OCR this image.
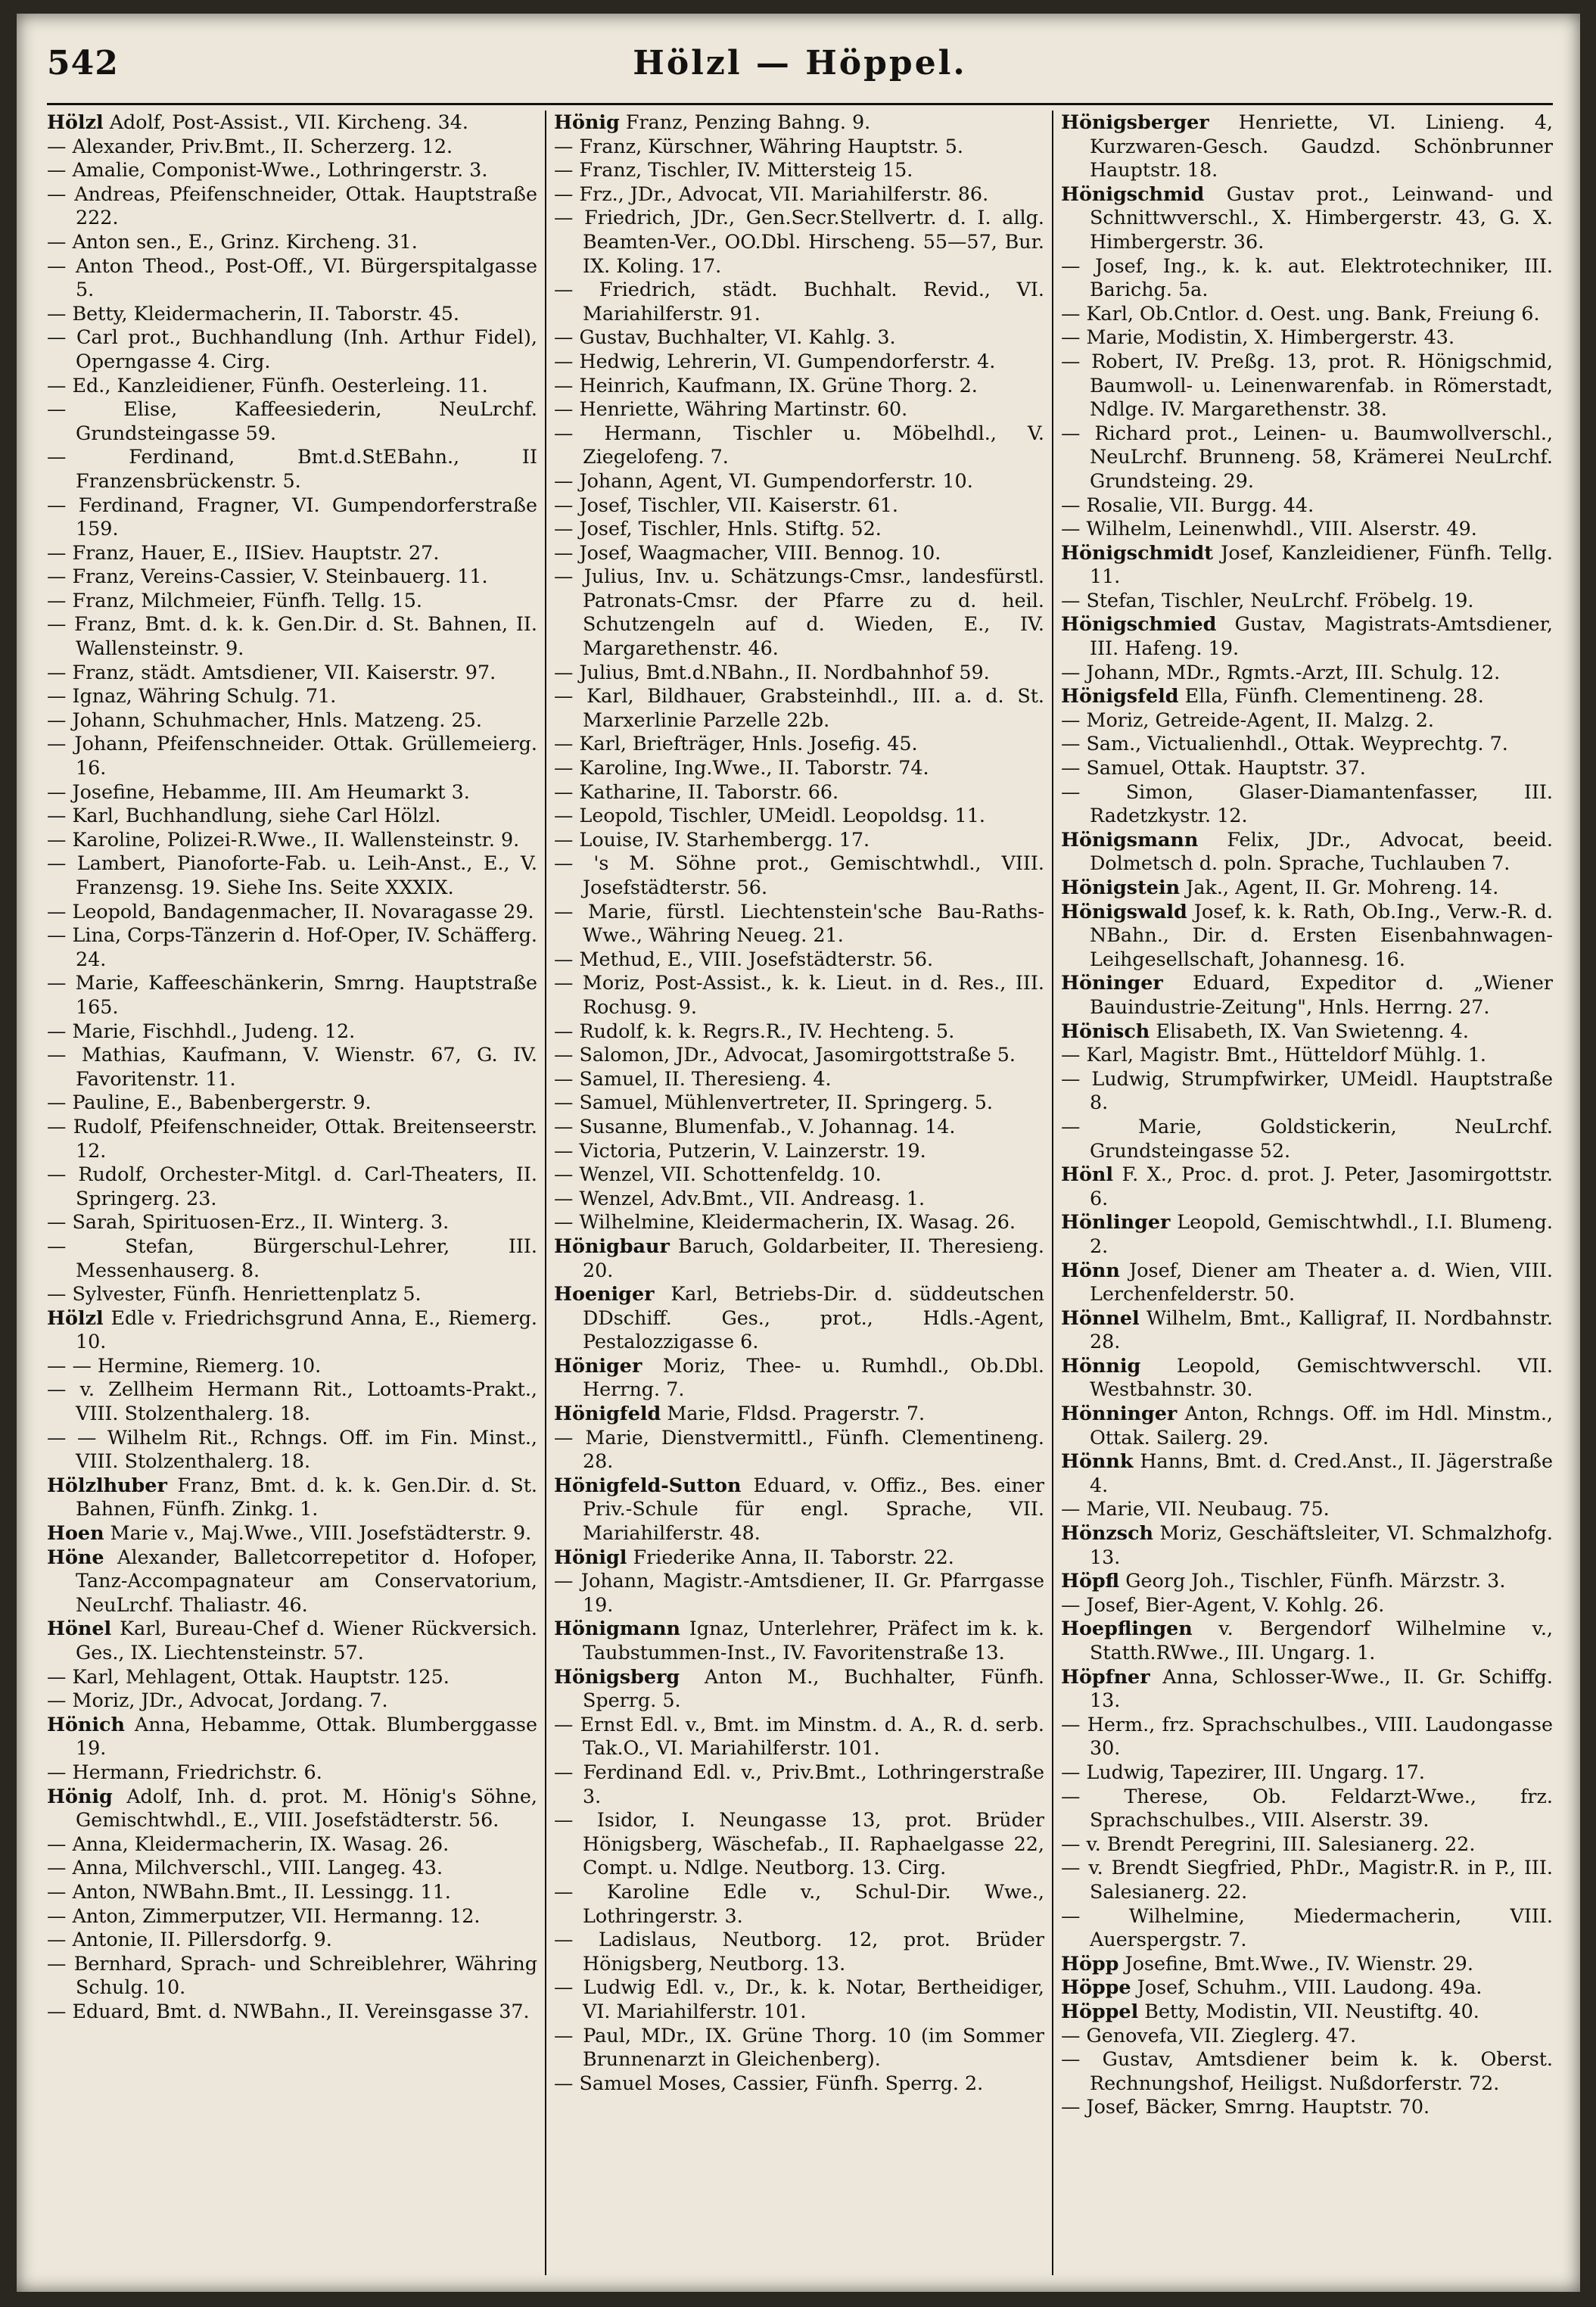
542	Hölzl — Höppel.
Hölzl Adolf, Post-Assist., VII. Kircheng. 34.
— Alexander, Priv.Bmt., II. Scherzerg. 12.
— Amalie, Componist-Wwe., Lothringerstr. 3.
— Andreas, Pfeifenschneider, Ottak. Hauptstraße 222.
— Anton sen., E., Grinz. Kircheng. 31.
— Anton Theod., Post-Off., VI. Bürgerspitalgasse 5.
— Betty, Kleidermacherin, II. Taborstr. 45.
— Carl prot., Buchhandlung (Inh. Arthur Fidel), Operngasse 4. Cirg.
— Ed., Kanzleidiener, Fünfh. Oesterleing. 11.
— Elise, Kaffeesiederin, NeuLrchf. Grundsteingasse 59.
— Ferdinand, Bmt.d.StEBahn., II Franzensbrückenstr. 5.
— Ferdinand, Fragner, VI. Gumpendorferstraße 159.
— Franz, Hauer, E., IISiev. Hauptstr. 27.
— Franz, Vereins-Cassier, V. Steinbauerg. 11.
— Franz, Milchmeier, Fünfh. Tellg. 15.
— Franz, Bmt. d. k. k. Gen.Dir. d. St. Bahnen, II. Wallensteinstr. 9.
— Franz, städt. Amtsdiener, VII. Kaiserstr. 97.
— Ignaz, Währing Schulg. 71.
— Johann, Schuhmacher, Hnls. Matzeng. 25.
— Johann, Pfeifenschneider. Ottak. Grüllemeierg. 16.
— Josefine, Hebamme, III. Am Heumarkt 3.
— Karl, Buchhandlung, siehe Carl Hölzl.
— Karoline, Polizei-R.Wwe., II. Wallensteinstr. 9.
— Lambert, Pianoforte-Fab. u. Leih-Anst., E., V. Franzensg. 19. Siehe Ins. Seite XXXIX.
— Leopold, Bandagenmacher, II. Novaragasse 29.
— Lina, Corps-Tänzerin d. Hof-Oper, IV. Schäfferg. 24.
— Marie, Kaffeeschänkerin, Smrng. Hauptstraße 165.
— Marie, Fischhdl., Judeng. 12.
— Mathias, Kaufmann, V. Wienstr. 67, G. IV. Favoritenstr. 11.
— Pauline, E., Babenbergerstr. 9.
— Rudolf, Pfeifenschneider, Ottak. Breitenseerstr. 12.
— Rudolf, Orchester-Mitgl. d. Carl-Theaters, II. Springerg. 23.
— Sarah, Spirituosen-Erz., II. Winterg. 3.
— Stefan, Bürgerschul-Lehrer, III. Messenhauserg. 8.
— Sylvester, Fünfh. Henriettenplatz 5.
Hölzl Edle v. Friedrichsgrund Anna, E., Riemerg. 10.
— — Hermine, Riemerg. 10.
— v. Zellheim Hermann Rit., Lottoamts-Prakt., VIII. Stolzenthalerg. 18.
— — Wilhelm Rit., Rchngs. Off. im Fin. Minst., VIII. Stolzenthalerg. 18.
Hölzlhuber Franz, Bmt. d. k. k. Gen.Dir. d. St. Bahnen, Fünfh. Zinkg. 1.
Hoen Marie v., Maj.Wwe., VIII. Josefstädterstr. 9.
Höne Alexander, Balletcorrepetitor d. Hofoper, Tanz-Accompagnateur am Conservatorium, NeuLrchf. Thaliastr. 46.
Hönel Karl, Bureau-Chef d. Wiener Rückversich. Ges., IX. Liechtensteinstr. 57.
— Karl, Mehlagent, Ottak. Hauptstr. 125.
— Moriz, JDr., Advocat, Jordang. 7.
Hönich Anna, Hebamme, Ottak. Blumberggasse 19.
— Hermann, Friedrichstr. 6.
Hönig Adolf, Inh. d. prot. M. Hönig's Söhne, Gemischtwhdl., E., VIII. Josefstädterstr. 56.
— Anna, Kleidermacherin, IX. Wasag. 26.
— Anna, Milchverschl., VIII. Langeg. 43.
— Anton, NWBahn.Bmt., II. Lessingg. 11.
— Anton, Zimmerputzer, VII. Hermanng. 12.
— Antonie, II. Pillersdorfg. 9.
— Bernhard, Sprach- und Schreiblehrer, Währing Schulg. 10.
— Eduard, Bmt. d. NWBahn., II. Vereinsgasse 37.
Hönig Franz, Penzing Bahng. 9.
— Franz, Kürschner, Währing Hauptstr. 5.
— Franz, Tischler, IV. Mittersteig 15.
— Frz., JDr., Advocat, VII. Mariahilferstr. 86.
— Friedrich, JDr., Gen.Secr.Stellvertr. d. I. allg. Beamten-Ver., OO.Dbl. Hirscheng. 55—57, Bur. IX. Koling. 17.
— Friedrich, städt. Buchhalt. Revid., VI. Mariahilferstr. 91.
— Gustav, Buchhalter, VI. Kahlg. 3.
— Hedwig, Lehrerin, VI. Gumpendorferstr. 4.
— Heinrich, Kaufmann, IX. Grüne Thorg. 2.
— Henriette, Währing Martinstr. 60.
— Hermann, Tischler u. Möbelhdl., V. Ziegelofeng. 7.
— Johann, Agent, VI. Gumpendorferstr. 10.
— Josef, Tischler, VII. Kaiserstr. 61.
— Josef, Tischler, Hnls. Stiftg. 52.
— Josef, Waagmacher, VIII. Bennog. 10.
— Julius, Inv. u. Schätzungs-Cmsr., landesfürstl. Patronats-Cmsr. der Pfarre zu d. heil. Schutzengeln auf d. Wieden, E., IV. Margarethenstr. 46.
— Julius, Bmt.d.NBahn., II. Nordbahnhof 59.
— Karl, Bildhauer, Grabsteinhdl., III. a. d. St. Marxerlinie Parzelle 22b.
— Karl, Briefträger, Hnls. Josefig. 45.
— Karoline, Ing.Wwe., II. Taborstr. 74.
— Katharine, II. Taborstr. 66.
— Leopold, Tischler, UMeidl. Leopoldsg. 11.
— Louise, IV. Starhembergg. 17.
— 's M. Söhne prot., Gemischtwhdl., VIII. Josefstädterstr. 56.
— Marie, fürstl. Liechtenstein'sche Bau-Raths-Wwe., Währing Neueg. 21.
— Methud, E., VIII. Josefstädterstr. 56.
— Moriz, Post-Assist., k. k. Lieut. in d. Res., III. Rochusg. 9.
— Rudolf, k. k. Regrs.R., IV. Hechteng. 5.
— Salomon, JDr., Advocat, Jasomirgottstraße 5.
— Samuel, II. Theresieng. 4.
— Samuel, Mühlenvertreter, II. Springerg. 5.
— Susanne, Blumenfab., V. Johannag. 14.
— Victoria, Putzerin, V. Lainzerstr. 19.
— Wenzel, VII. Schottenfeldg. 10.
— Wenzel, Adv.Bmt., VII. Andreasg. 1.
— Wilhelmine, Kleidermacherin, IX. Wasag. 26.
Hönigbaur Baruch, Goldarbeiter, II. Theresieng. 20.
Hoeniger Karl, Betriebs-Dir. d. süddeutschen DDschiff. Ges., prot., Hdls.-Agent, Pestalozzigasse 6.
Höniger Moriz, Thee- u. Rumhdl., Ob.Dbl. Herrng. 7.
Hönigfeld Marie, Fldsd. Pragerstr. 7.
— Marie, Dienstvermittl., Fünfh. Clementineng. 28.
Hönigfeld-Sutton Eduard, v. Offiz., Bes. einer Priv.-Schule für engl. Sprache, VII. Mariahilferstr. 48.
Hönigl Friederike Anna, II. Taborstr. 22.
— Johann, Magistr.-Amtsdiener, II. Gr. Pfarrgasse 19.
Hönigmann Ignaz, Unterlehrer, Präfect im k. k. Taubstummen-Inst., IV. Favoritenstraße 13.
Hönigsberg Anton M., Buchhalter, Fünfh. Sperrg. 5.
— Ernst Edl. v., Bmt. im Minstm. d. A., R. d. serb. Tak.O., VI. Mariahilferstr. 101.
— Ferdinand Edl. v., Priv.Bmt., Lothringerstraße 3.
— Isidor, I. Neungasse 13, prot. Brüder Hönigsberg, Wäschefab., II. Raphaelgasse 22, Compt. u. Ndlge. Neutborg. 13. Cirg.
— Karoline Edle v., Schul-Dir. Wwe., Lothringerstr. 3.
— Ladislaus, Neutborg. 12, prot. Brüder Hönigsberg, Neutborg. 13.
— Ludwig Edl. v., Dr., k. k. Notar, Bertheidiger, VI. Mariahilferstr. 101.
— Paul, MDr., IX. Grüne Thorg. 10 (im Sommer Brunnenarzt in Gleichenberg).
— Samuel Moses, Cassier, Fünfh. Sperrg. 2.
Hönigsberger Henriette, VI. Linieng. 4, Kurzwaren-Gesch. Gaudzd. Schönbrunner Hauptstr. 18.
Hönigschmid Gustav prot., Leinwand- und Schnittwverschl., X. Himbergerstr. 43, G. X. Himbergerstr. 36.
— Josef, Ing., k. k. aut. Elektrotechniker, III. Barichg. 5a.
— Karl, Ob.Cntlor. d. Oest. ung. Bank, Freiung 6.
— Marie, Modistin, X. Himbergerstr. 43.
— Robert, IV. Preßg. 13, prot. R. Hönigschmid, Baumwoll- u. Leinenwarenfab. in Römerstadt, Ndlge. IV. Margarethenstr. 38.
— Richard prot., Leinen- u. Baumwollverschl., NeuLrchf. Brunneng. 58, Krämerei NeuLrchf. Grundsteing. 29.
— Rosalie, VII. Burgg. 44.
— Wilhelm, Leinenwhdl., VIII. Alserstr. 49.
Hönigschmidt Josef, Kanzleidiener, Fünfh. Tellg. 11.
— Stefan, Tischler, NeuLrchf. Fröbelg. 19.
Hönigschmied Gustav, Magistrats-Amtsdiener, III. Hafeng. 19.
— Johann, MDr., Rgmts.-Arzt, III. Schulg. 12.
Hönigsfeld Ella, Fünfh. Clementineng. 28.
— Moriz, Getreide-Agent, II. Malzg. 2.
— Sam., Victualienhdl., Ottak. Weyprechtg. 7.
— Samuel, Ottak. Hauptstr. 37.
— Simon, Glaser-Diamantenfasser, III. Radetzkystr. 12.
Hönigsmann Felix, JDr., Advocat, beeid. Dolmetsch d. poln. Sprache, Tuchlauben 7.
Hönigstein Jak., Agent, II. Gr. Mohreng. 14.
Hönigswald Josef, k. k. Rath, Ob.Ing., Verw.-R. d. NBahn., Dir. d. Ersten Eisenbahnwagen-Leihgesellschaft, Johannesg. 16.
Höninger Eduard, Expeditor d. „Wiener Bauindustrie-Zeitung", Hnls. Herrng. 27.
Hönisch Elisabeth, IX. Van Swietenng. 4.
— Karl, Magistr. Bmt., Hütteldorf Mühlg. 1.
— Ludwig, Strumpfwirker, UMeidl. Hauptstraße 8.
— Marie, Goldstickerin, NeuLrchf. Grundsteingasse 52.
Hönl F. X., Proc. d. prot. J. Peter, Jasomirgottstr. 6.
Hönlinger Leopold, Gemischtwhdl., I.I. Blumeng. 2.
Hönn Josef, Diener am Theater a. d. Wien, VIII. Lerchenfelderstr. 50.
Hönnel Wilhelm, Bmt., Kalligraf, II. Nordbahnstr. 28.
Hönnig Leopold, Gemischtwverschl. VII. Westbahnstr. 30.
Hönninger Anton, Rchngs. Off. im Hdl. Minstm., Ottak. Sailerg. 29.
Hönnk Hanns, Bmt. d. Cred.Anst., II. Jägerstraße 4.
— Marie, VII. Neubaug. 75.
Hönzsch Moriz, Geschäftsleiter, VI. Schmalzhofg. 13.
Höpfl Georg Joh., Tischler, Fünfh. Märzstr. 3.
— Josef, Bier-Agent, V. Kohlg. 26.
Hoepflingen v. Bergendorf Wilhelmine v., Statth.RWwe., III. Ungarg. 1.
Höpfner Anna, Schlosser-Wwe., II. Gr. Schiffg. 13.
— Herm., frz. Sprachschulbes., VIII. Laudongasse 30.
— Ludwig, Tapezirer, III. Ungarg. 17.
— Therese, Ob. Feldarzt-Wwe., frz. Sprachschulbes., VIII. Alserstr. 39.
— v. Brendt Peregrini, III. Salesianerg. 22.
— v. Brendt Siegfried, PhDr., Magistr.R. in P., III. Salesianerg. 22.
— Wilhelmine, Miedermacherin, VIII. Auerspergstr. 7.
Höpp Josefine, Bmt.Wwe., IV. Wienstr. 29.
Höppe Josef, Schuhm., VIII. Laudong. 49a.
Höppel Betty, Modistin, VII. Neustiftg. 40.
— Genovefa, VII. Zieglerg. 47.
— Gustav, Amtsdiener beim k. k. Oberst. Rechnungshof, Heiligst. Nußdorferstr. 72.
— Josef, Bäcker, Smrng. Hauptstr. 70.
